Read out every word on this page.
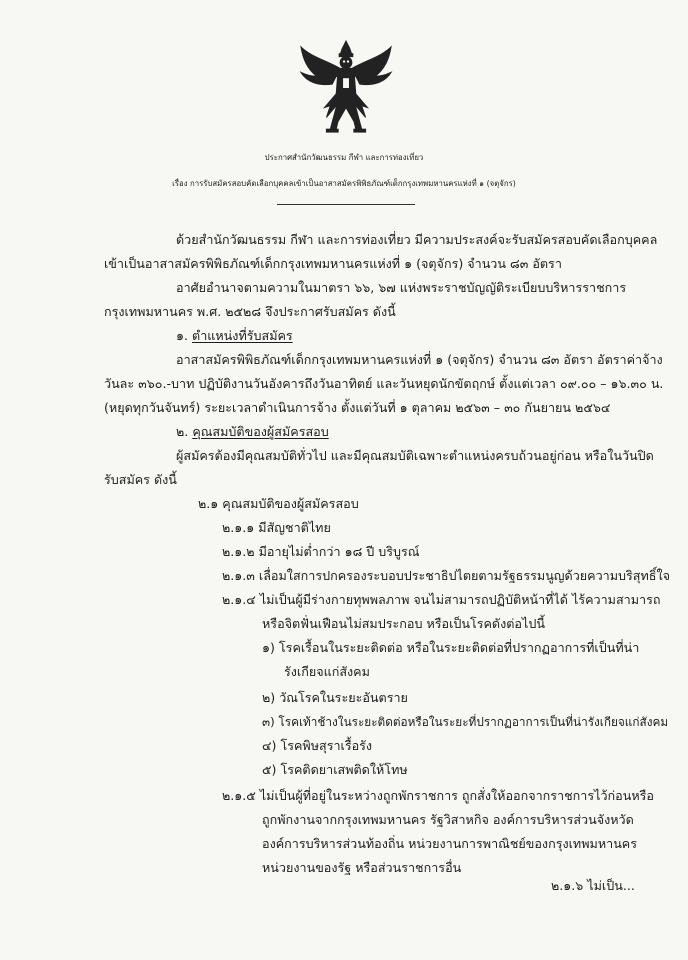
ประกาศสำนักวัฒนธรรม กีฬา และการท่องเที่ยว
เรื่อง การรับสมัครสอบคัดเลือกบุคคลเข้าเป็นอาสาสมัครพิพิธภัณฑ์เด็กกรุงเทพมหานครแห่งที่ ๑ (จตุจักร)
ด้วยสำนักวัฒนธรรม กีฬา และการท่องเที่ยว มีความประสงค์จะรับสมัครสอบคัดเลือกบุคคล
เข้าเป็นอาสาสมัครพิพิธภัณฑ์เด็กกรุงเทพมหานครแห่งที่ ๑ (จตุจักร) จำนวน ๘๓ อัตรา
อาศัยอำนาจตามความในมาตรา ๖๖, ๖๗ แห่งพระราชบัญญัติระเบียบบริหารราชการ
กรุงเทพมหานคร พ.ศ. ๒๕๒๘ จึงประกาศรับสมัคร ดังนี้
๑. ตำแหน่งที่รับสมัคร
อาสาสมัครพิพิธภัณฑ์เด็กกรุงเทพมหานครแห่งที่ ๑ (จตุจักร) จำนวน ๘๓ อัตรา อัตราค่าจ้าง
วันละ ๓๖๐.-บาท ปฏิบัติงานวันอังคารถึงวันอาทิตย์ และวันหยุดนักขัตฤกษ์ ตั้งแต่เวลา ๐๙.๐๐ – ๑๖.๓๐ น.
(หยุดทุกวันจันทร์) ระยะเวลาดำเนินการจ้าง ตั้งแต่วันที่ ๑ ตุลาคม ๒๕๖๓ – ๓๐ กันยายน ๒๕๖๔
๒. คุณสมบัติของผู้สมัครสอบ
ผู้สมัครต้องมีคุณสมบัติทั่วไป และมีคุณสมบัติเฉพาะตำแหน่งครบถ้วนอยู่ก่อน หรือในวันปิด
รับสมัคร ดังนี้
๒.๑ คุณสมบัติของผู้สมัครสอบ
๒.๑.๑ มีสัญชาติไทย
๒.๑.๒ มีอายุไม่ต่ำกว่า ๑๘ ปี บริบูรณ์
๒.๑.๓ เลื่อมใสการปกครองระบอบประชาธิปไตยตามรัฐธรรมนูญด้วยความบริสุทธิ์ใจ
๒.๑.๔ ไม่เป็นผู้มีร่างกายทุพพลภาพ จนไม่สามารถปฏิบัติหน้าที่ได้ ไร้ความสามารถ
หรือจิตฟั่นเฟือนไม่สมประกอบ หรือเป็นโรคดังต่อไปนี้
๑) โรคเรื้อนในระยะติดต่อ หรือในระยะติดต่อที่ปรากฏอาการที่เป็นที่น่า
รังเกียจแก่สังคม
๒) วัณโรคในระยะอันตราย
๓) โรคเท้าช้างในระยะติดต่อหรือในระยะที่ปรากฏอาการเป็นที่น่ารังเกียจแก่สังคม
๔) โรคพิษสุราเรื้อรัง
๕) โรคติดยาเสพติดให้โทษ
๒.๑.๕ ไม่เป็นผู้ที่อยู่ในระหว่างถูกพักราชการ ถูกสั่งให้ออกจากราชการไว้ก่อนหรือ
ถูกพักงานจากกรุงเทพมหานคร รัฐวิสาหกิจ องค์การบริหารส่วนจังหวัด
องค์การบริหารส่วนท้องถิ่น หน่วยงานการพาณิชย์ของกรุงเทพมหานคร
หน่วยงานของรัฐ หรือส่วนราชการอื่น
๒.๑.๖ ไม่เป็น...
